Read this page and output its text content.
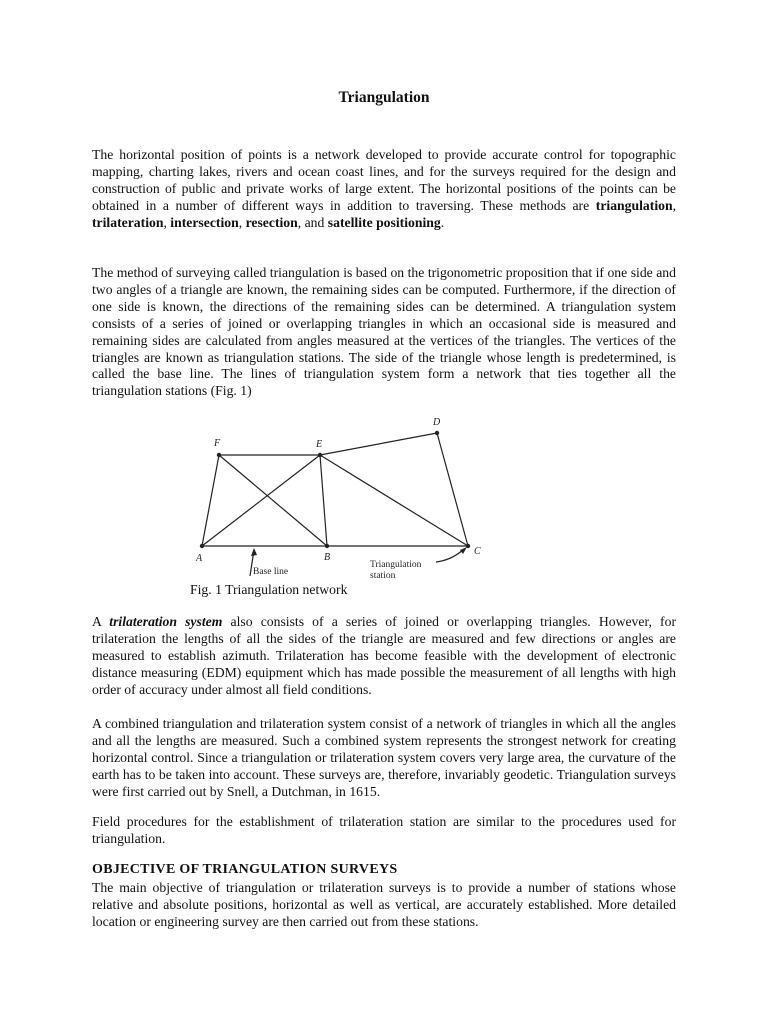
Triangulation

The horizontal position of points is a network developed to provide accurate control for topographic mapping, charting lakes, rivers and ocean coast lines, and for the surveys required for the design and construction of public and private works of large extent. The horizontal positions of the points can be obtained in a number of different ways in addition to traversing. These methods are triangulation, trilateration, intersection, resection, and satellite positioning.

The method of surveying called triangulation is based on the trigonometric proposition that if one side and two angles of a triangle are known, the remaining sides can be computed. Furthermore, if the direction of one side is known, the directions of the remaining sides can be determined. A triangulation system consists of a series of joined or overlapping triangles in which an occasional side is measured and remaining sides are calculated from angles measured at the vertices of the triangles. The vertices of the triangles are known as triangulation stations. The side of the triangle whose length is predetermined, is called the base line. The lines of triangulation system form a network that ties together all the triangulation stations (Fig. 1)

F	E
D
A	B
C
Base line
Triangulation
station
Fig. 1 Triangulation network

A trilateration system also consists of a series of joined or overlapping triangles. However, for trilateration the lengths of all the sides of the triangle are measured and few directions or angles are measured to establish azimuth. Trilateration has become feasible with the development of electronic distance measuring (EDM) equipment which has made possible the measurement of all lengths with high order of accuracy under almost all field conditions.

A combined triangulation and trilateration system consist of a network of triangles in which all the angles and all the lengths are measured. Such a combined system represents the strongest network for creating horizontal control. Since a triangulation or trilateration system covers very large area, the curvature of the earth has to be taken into account. These surveys are, therefore, invariably geodetic. Triangulation surveys were first carried out by Snell, a Dutchman, in 1615.

Field procedures for the establishment of trilateration station are similar to the procedures used for triangulation.

OBJECTIVE OF TRIANGULATION SURVEYS

The main objective of triangulation or trilateration surveys is to provide a number of stations whose relative and absolute positions, horizontal as well as vertical, are accurately established. More detailed location or engineering survey are then carried out from these stations.
